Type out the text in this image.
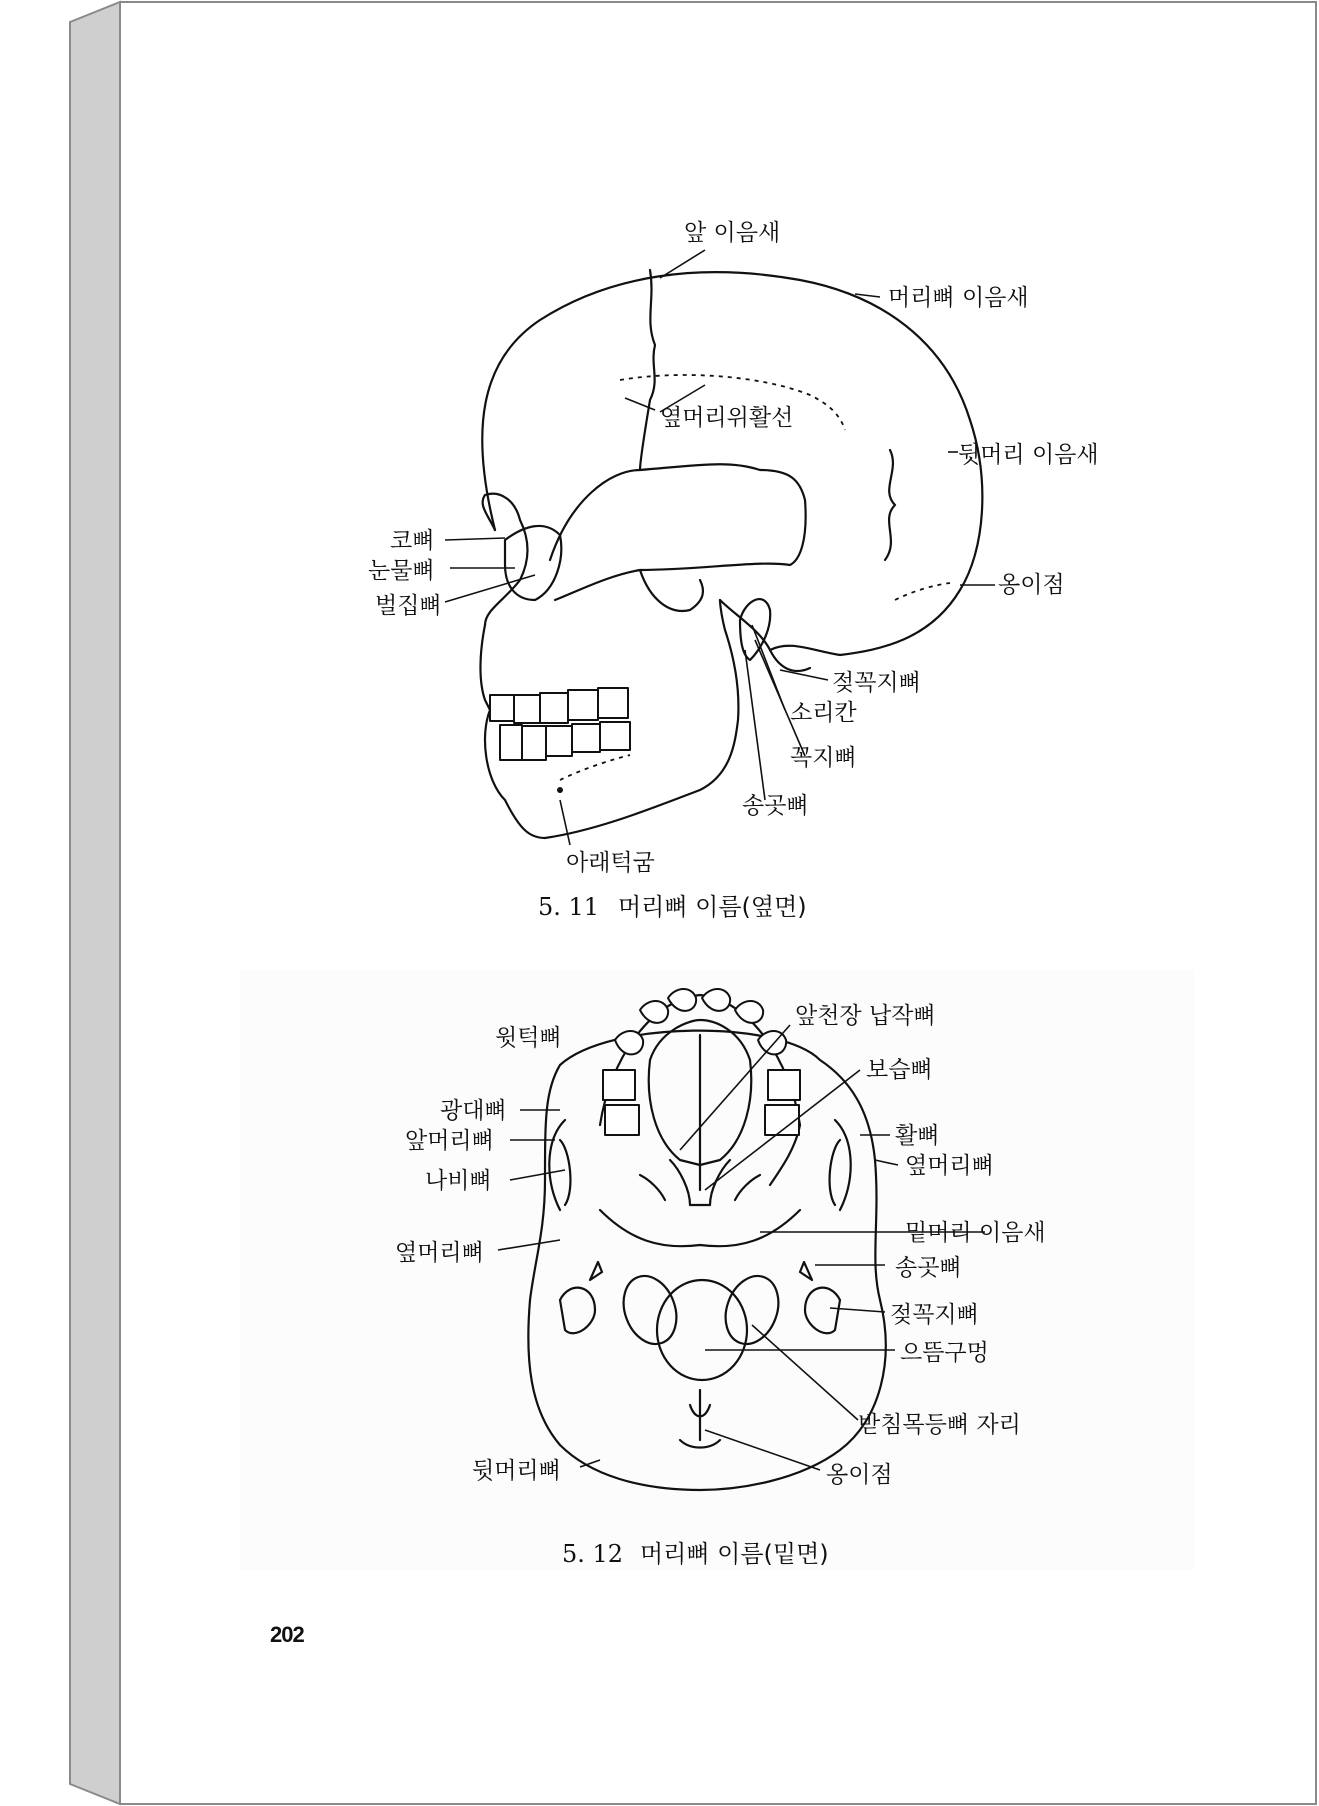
앞 이음새
머리뼈 이음새
옆머리위활선
뒷머리 이음새
옹이점
코뼈
눈물뼈
벌집뼈
젖꼭지뼈
소리칸
꼭지뼈
송곳뼈
아래턱굼
5. 11 머리뼈 이름(옆면)
윗턱뼈
앞천장 납작뼈
보습뼈
광대뼈
앞머리뼈	활뼈
옆머리뼈
나비뼈
밑머리 이음새
옆머리뼈
송곳뼈
젖꼭지뼈
으뜸구멍
받침목등뼈 자리
뒷머리뼈	옹이점
5. 12 머리뼈 이름(밑면)
202
